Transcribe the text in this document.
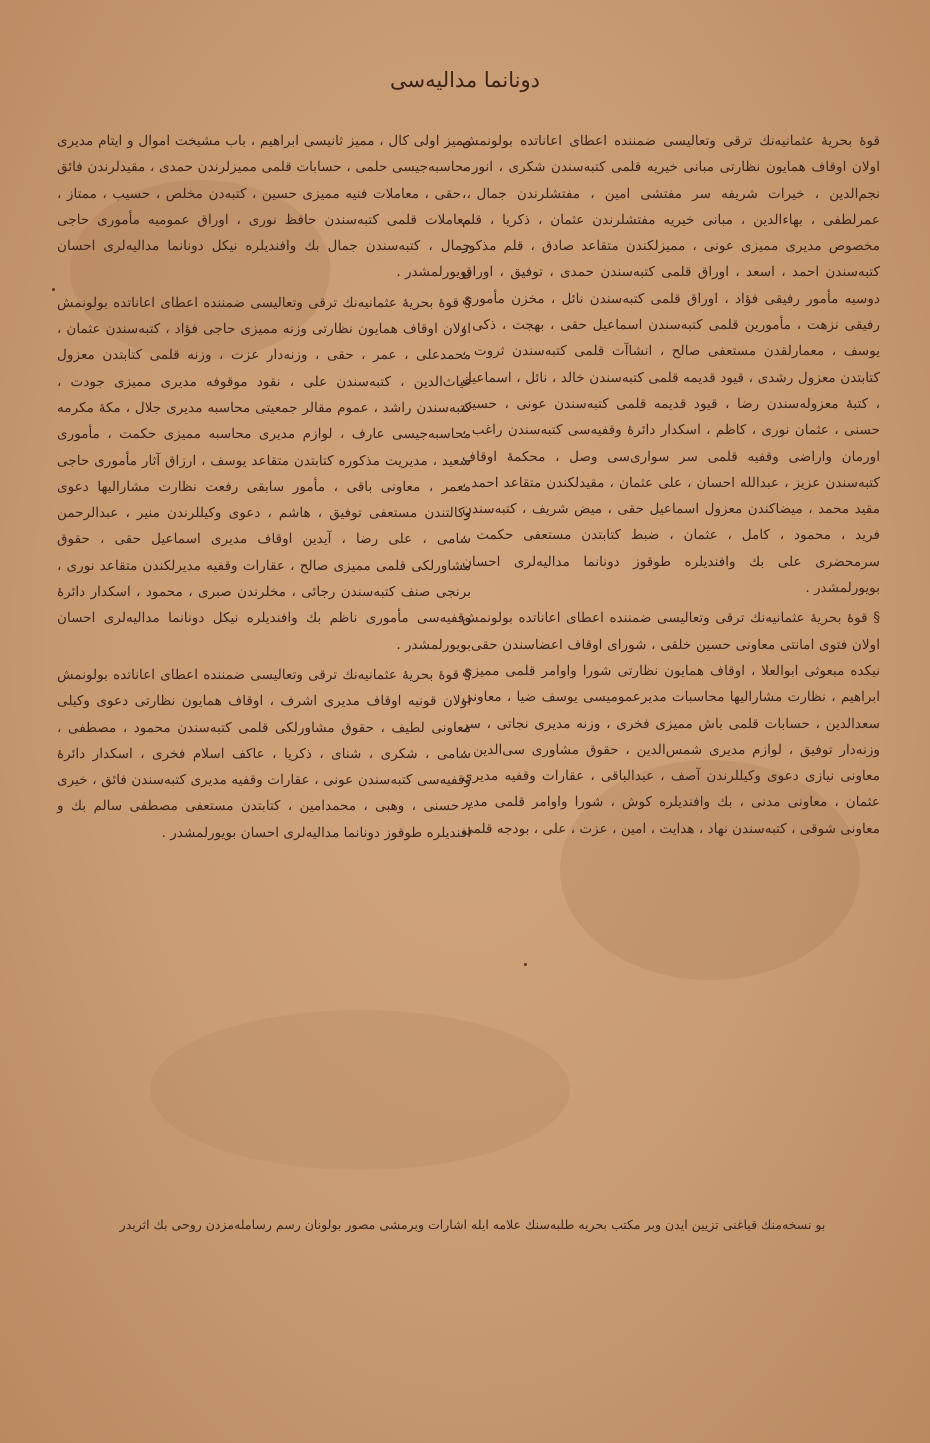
دونانما مداليه‌سی

قوهٔ بحریهٔ عثمانیه‌نك ترقی وتعالیسی ضمننده اعطای اعاناتده بولونمش اولان اوقاف همایون نظارتی مبانی خیریه قلمی كتبه‌سندن شكری ، انور ، نجم‌الدین ، خیرات شریفه سر مفتشی امین ، مفتشلرندن جمال ، عمرلطفی ، بهاءالدین ، مبانی خیریه مفتشلرندن عثمان ، ذكریا ، قلم مخصوص مدیری ممیزی عونی ، ممیزلكندن متقاعد صادق ، قلم مذكور كتبه‌سندن احمد ، اسعد ، اوراق قلمی كتبه‌سندن حمدی ، توفیق ، اوراق دوسیه مأمور رفیقی فؤاد ، اوراق قلمی كتبه‌سندن نائل ، مخزن مأموری رفیقی نزهت ، مأمورین قلمی كتبه‌سندن اسماعیل حقی ، بهجت ، ذكی ، یوسف ، معمارلقدن مستعفی صالح ، انشاآت قلمی كتبه‌سندن ثروت ، كتابتدن معزول رشدی ، قیود قدیمه قلمی كتبه‌سندن خالد ، نائل ، اسماعیل ، كتبهٔ معزوله‌سندن رضا ، قیود قدیمه قلمی كتبه‌سندن عونی ، حسین حسنی ، عثمان نوری ، كاظم ، اسكدار دائرهٔ وقفیه‌سی كتبه‌سندن راغب ، اورمان واراضی وقفیه قلمی سر سواری‌سی وصل ، محكمهٔ اوقاف كتبه‌سندن عزیز ، عبدالله احسان ، علی عثمان ، مقیدلكندن متقاعد احمد ، مقید محمد ، میضاكندن معزول اسماعیل حقی ، میض شریف ، كتبه‌سندن فرید ، محمود ، كامل ، عثمان ، ضبط كتابتدن مستعفی حكمت ، سرمحضری علی بك وافندیلره طوقوز دونانما مدالیه‌لری احسان بویورلمشدر .

§ قوهٔ بحریهٔ عثمانیه‌نك ترقی وتعالیسی ضمننده اعطای اعاناتده بولونمش اولان فتوی امانتی معاونی حسین خلقی ، شورای اوقاف اعضاسندن حقی ، نیكده مبعوثی ابوالعلا ، اوقاف همایون نظارتی شورا واوامر قلمی ممیزی ابراهیم ، نظارت مشارالیها محاسبات مدیرعمومیسی یوسف ضیا ، معاونی سعدالدین ، حسابات قلمی باش ممیزی فخری ، وزنه مدیری نجاتی ، سر وزنه‌دار توفیق ، لوازم مدیری شمس‌الدین ، حقوق مشاوری سی‌الدین ، معاونی نیازی دعوی وكیللرندن آصف ، عبدالباقی ، عقارات وقفیه مدیری عثمان ، معاونی مدنی ، بك وافندیلره كوش ، شورا واوامر قلمی مدیر معاونی شوقی ، كتبه‌سندن نهاد ، هدایت ، امین ، عزت ، علی ، بودجه قلمی

ممیز اولی كال ، ممیز ثانیسی ابراهیم ، باب مشیخت اموال و ایتام مدیری محاسبه‌جیسی حلمی ، حسابات قلمی ممیزلرندن حمدی ، مقیدلرندن فائق ، حقی ، معاملات فنیه ممیزی حسین ، كتبه‌دن مخلص ، حسیب ، ممتاز ، معاملات قلمی كتبه‌سندن حافظ نوری ، اوراق عمومیه مأموری حاجی جمال ، كتبه‌سندن جمال بك وافندیلره نیكل دونانما مدالیه‌لری احسان بویورلمشدر .

§ قوهٔ بحریهٔ عثمانیه‌نك ترقی وتعالیسی ضمننده اعطای اعاناتده بولونمش اولان اوقاف همایون نظارتی وزنه ممیزی حاجی فؤاد ، كتبه‌سندن عثمان ، محمدعلی ، عمر ، حقی ، وزنه‌دار عزت ، وزنه قلمی كتابتدن معزول غیاث‌الدین ، كتبه‌سندن علی ، نقود موقوفه مدیری ممیزی جودت ، كتبه‌سندن راشد ، عموم مقالر جمعیتی محاسبه مدیری جلال ، مكهٔ مكرمه محاسبه‌جیسی عارف ، لوازم مدیری محاسبه ممیزی حكمت ، مأموری سعید ، مدیریت مذكوره كتابتدن متقاعد یوسف ، ارزاق آثار مأموری حاجی معمر ، معاونی باقی ، مأمور سابقی رفعت نظارت مشارالیها دعوی وكالتندن مستعفی توفیق ، هاشم ، دعوی وكیللرندن منیر ، عبدالرحمن سامی ، علی رضا ، آیدین اوقاف مدیری اسماعیل حقی ، حقوق مشاورلكی قلمی ممیزی صالح ، عقارات وقفیه مدیرلكندن متقاعد نوری ، برنجی صنف كتبه‌سندن رجائی ، مخلرندن صبری ، محمود ، اسكدار دائرهٔ وقفیه‌سی مأموری ناظم بك وافندیلره نیكل دونانما مدالیه‌لری احسان بویورلمشدر .

§ قوهٔ بحریهٔ عثمانیه‌نك ترقی وتعالیسی ضمننده اعطای اعاناتده بولونمش اولان قونیه اوقاف مدیری اشرف ، اوقاف همایون نظارتی دعوی وكیلی معاونی لطیف ، حقوق مشاورلكی قلمی كتبه‌سندن محمود ، مصطفی ، سامی ، شكری ، شنای ، ذكریا ، عاكف اسلام فخری ، اسكدار دائرهٔ وقفیه‌سی كتبه‌سندن عونی ، عقارات وقفیه مدیری كتبه‌سندن فائق ، خیری ، حسنی ، وهبی ، محمدامین ، كتابتدن مستعفی مصطفی سالم بك و افندیلره طوقوز دونانما مدالیه‌لری احسان بویورلمشدر .

بو نسخه‌منك قیاغنی تزیین ایدن وبر مكتب بحریه طلبه‌سنك علامه ایله اشارات وبرمشی مصور بولونان رسم رسامله‌مزدن روحی بك اثریدر
